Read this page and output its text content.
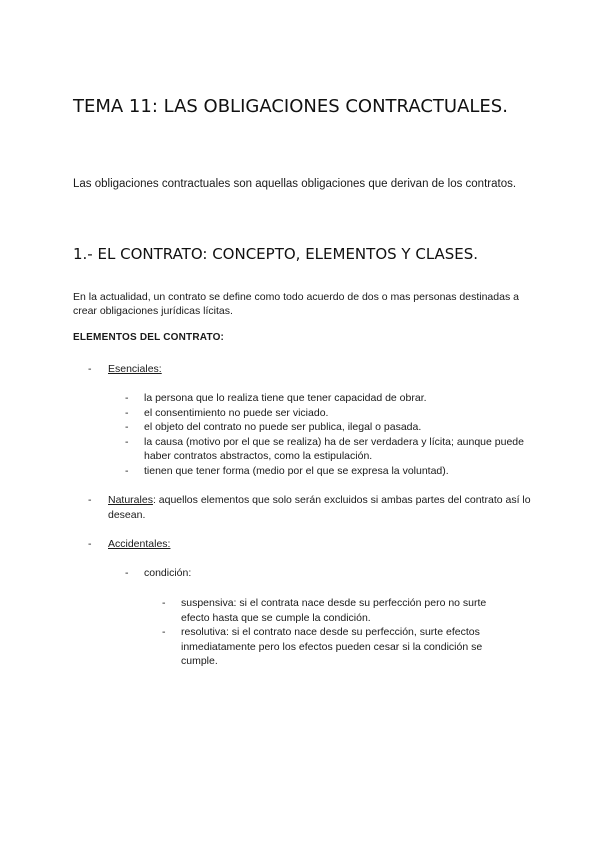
TEMA 11: LAS OBLIGACIONES CONTRACTUALES.

Las obligaciones contractuales son aquellas obligaciones que derivan de los contratos.

1.- EL CONTRATO: CONCEPTO, ELEMENTOS Y CLASES.

En la actualidad, un contrato se define como todo acuerdo de dos o mas personas destinadas a crear obligaciones jurídicas lícitas.

ELEMENTOS DEL CONTRATO:
- Esenciales:
- la persona que lo realiza tiene que tener capacidad de obrar.
- el consentimiento no puede ser viciado.
- el objeto del contrato no puede ser publica, ilegal o pasada.
- la causa (motivo por el que se realiza) ha de ser verdadera y lícita; aunque puede haber contratos abstractos, como la estipulación.
- tienen que tener forma (medio por el que se expresa la voluntad).
- Naturales: aquellos elementos que solo serán excluidos si ambas partes del contrato así lo desean.
- Accidentales:
- condición:
- suspensiva: si el contrata nace desde su perfección pero no surte efecto hasta que se cumple la condición.
- resolutiva: si el contrato nace desde su perfección, surte efectos inmediatamente pero los efectos pueden cesar si la condición se cumple.
